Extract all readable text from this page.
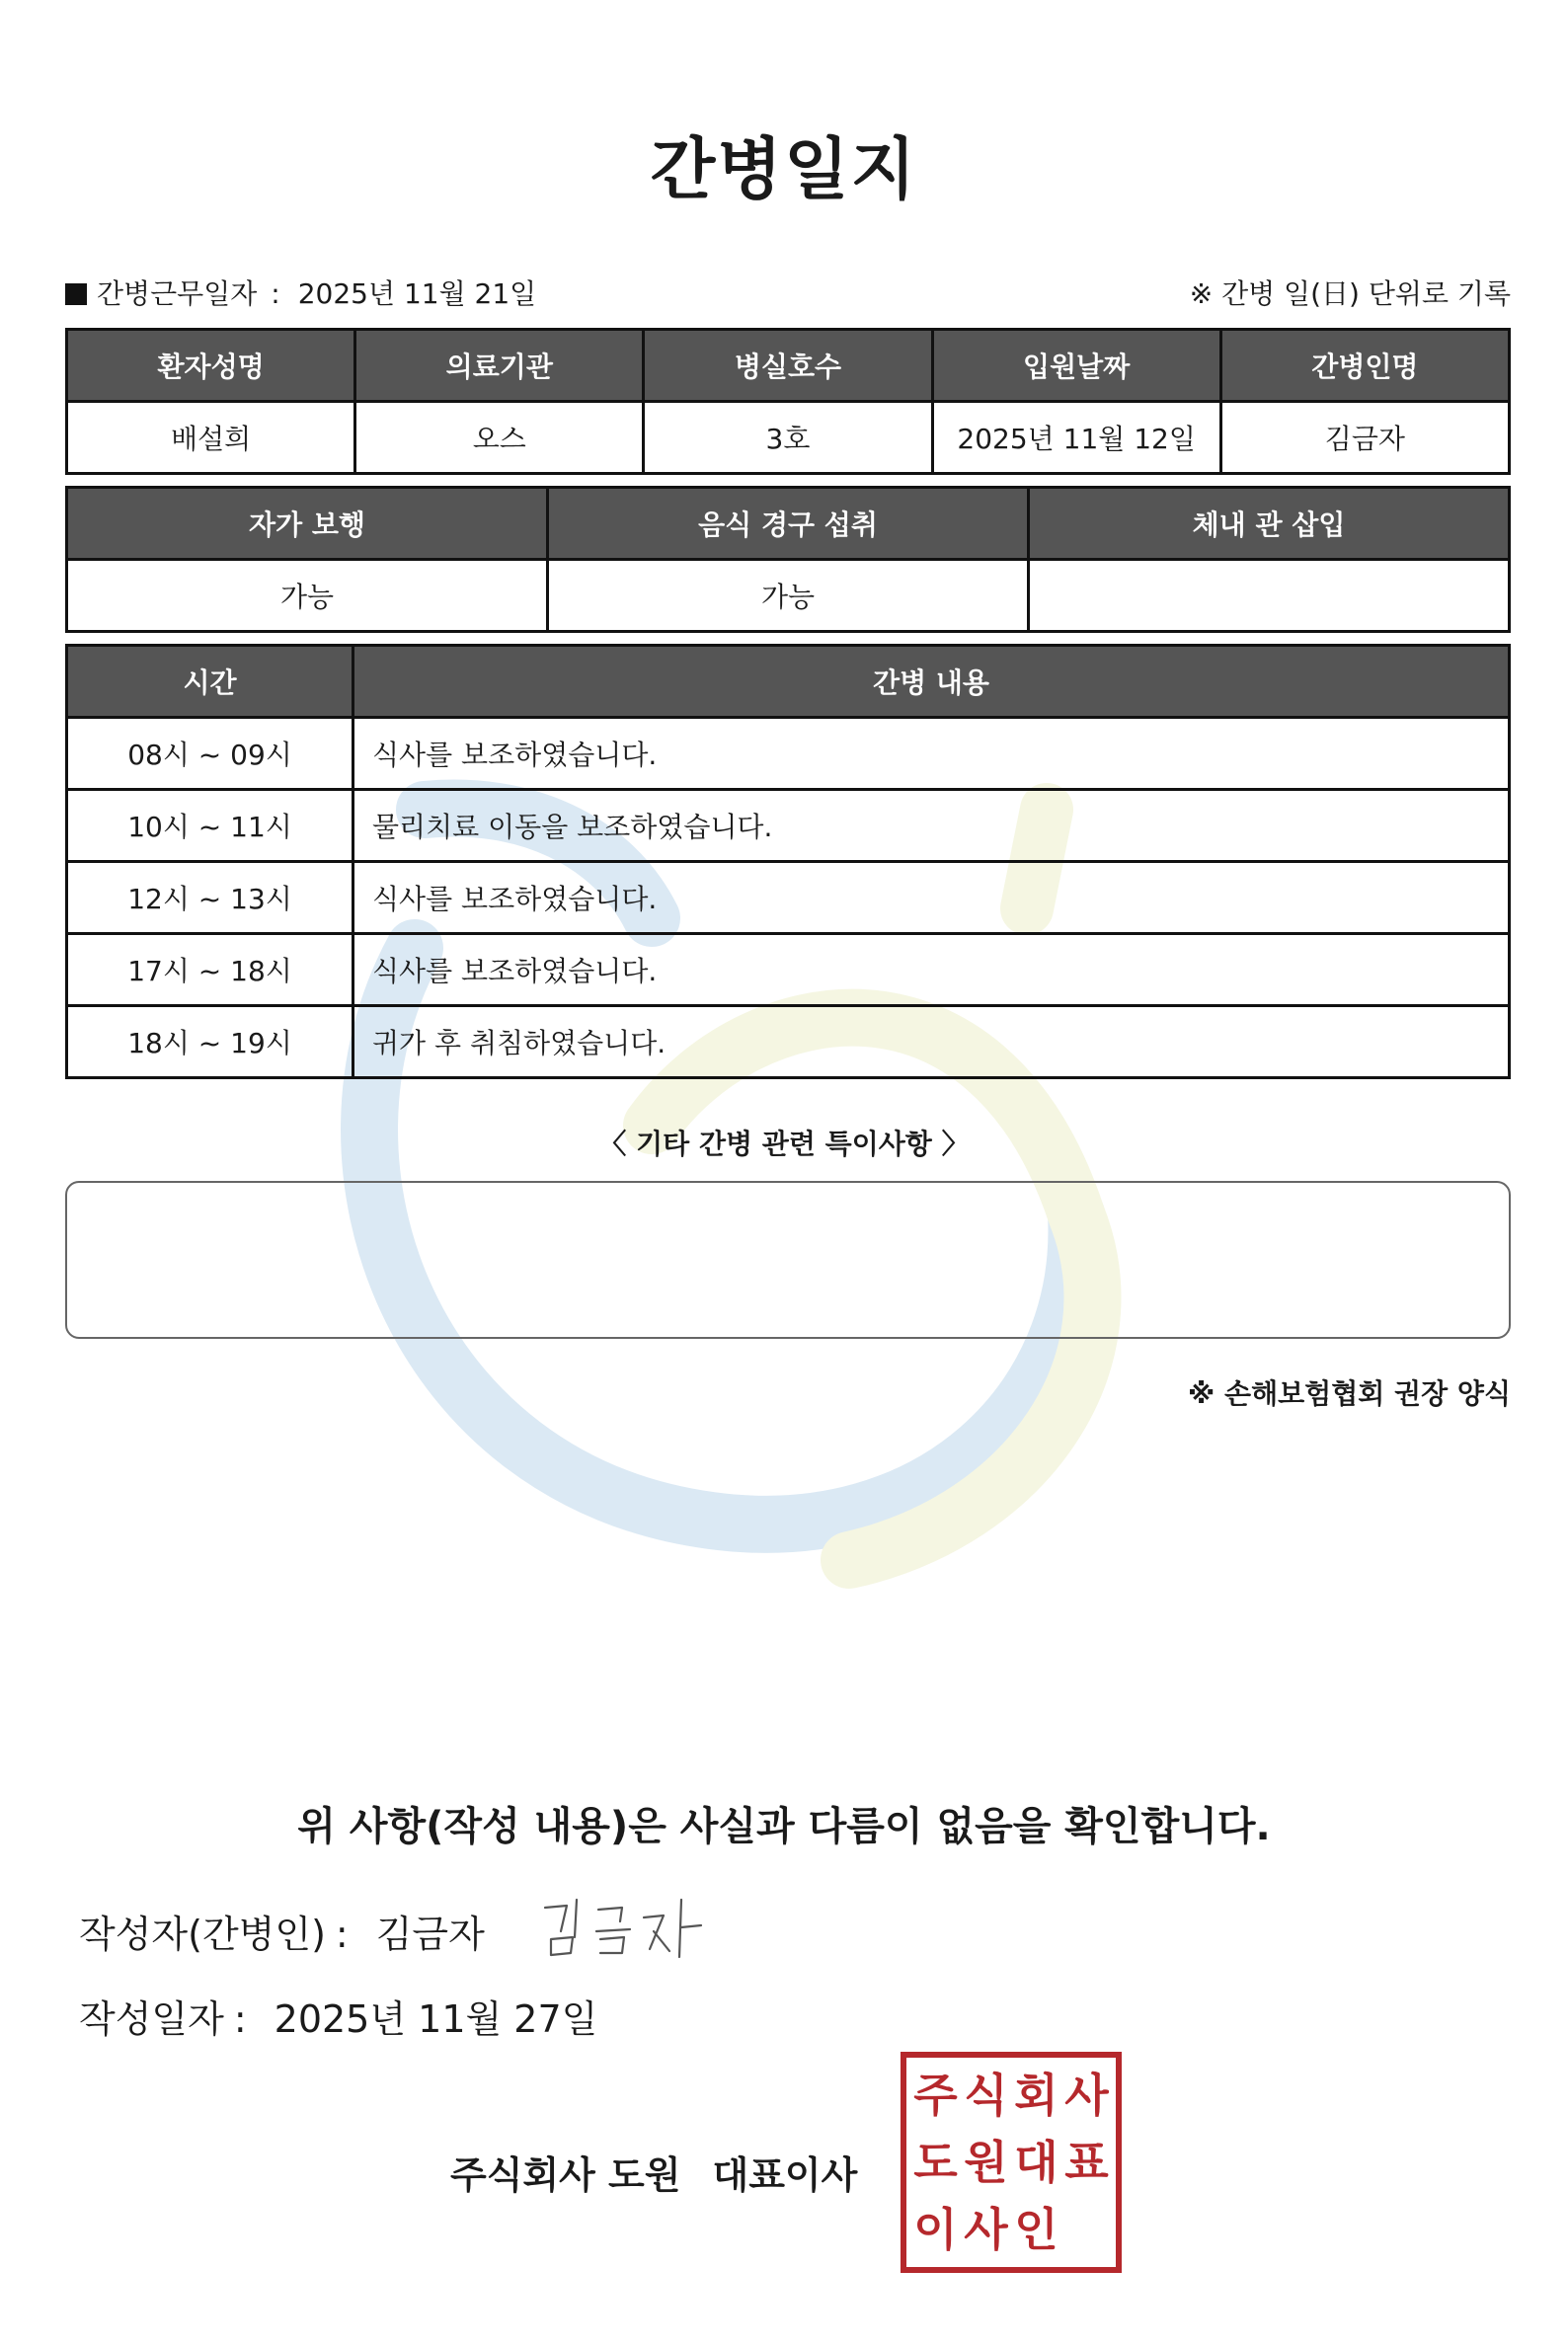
간병일지
간병근무일자 : 2025년 11월 21일	※ 간병 일(日) 단위로 기록
환자성명	의료기관	병실호수	입원날짜	간병인명
배설희	오스	3호	2025년 11월 12일	김금자
자가 보행	음식 경구 섭취	체내 관 삽입
가능	가능	
시간	간병 내용
08시 ~ 09시	식사를 보조하였습니다.
10시 ~ 11시	물리치료 이동을 보조하였습니다.
12시 ~ 13시	식사를 보조하였습니다.
17시 ~ 18시	식사를 보조하였습니다.
18시 ~ 19시	귀가 후 취침하였습니다.
〈 기타 간병 관련 특이사항 〉
※ 손해보험협회 권장 양식
위 사항(작성 내용)은 사실과 다름이 없음을 확인합니다.
작성자(간병인) : 김금자
작성일자 : 2025년 11월 27일
주식회사 도원 대표이사
주 식 회 사
도 원 대 표
이 사 인
